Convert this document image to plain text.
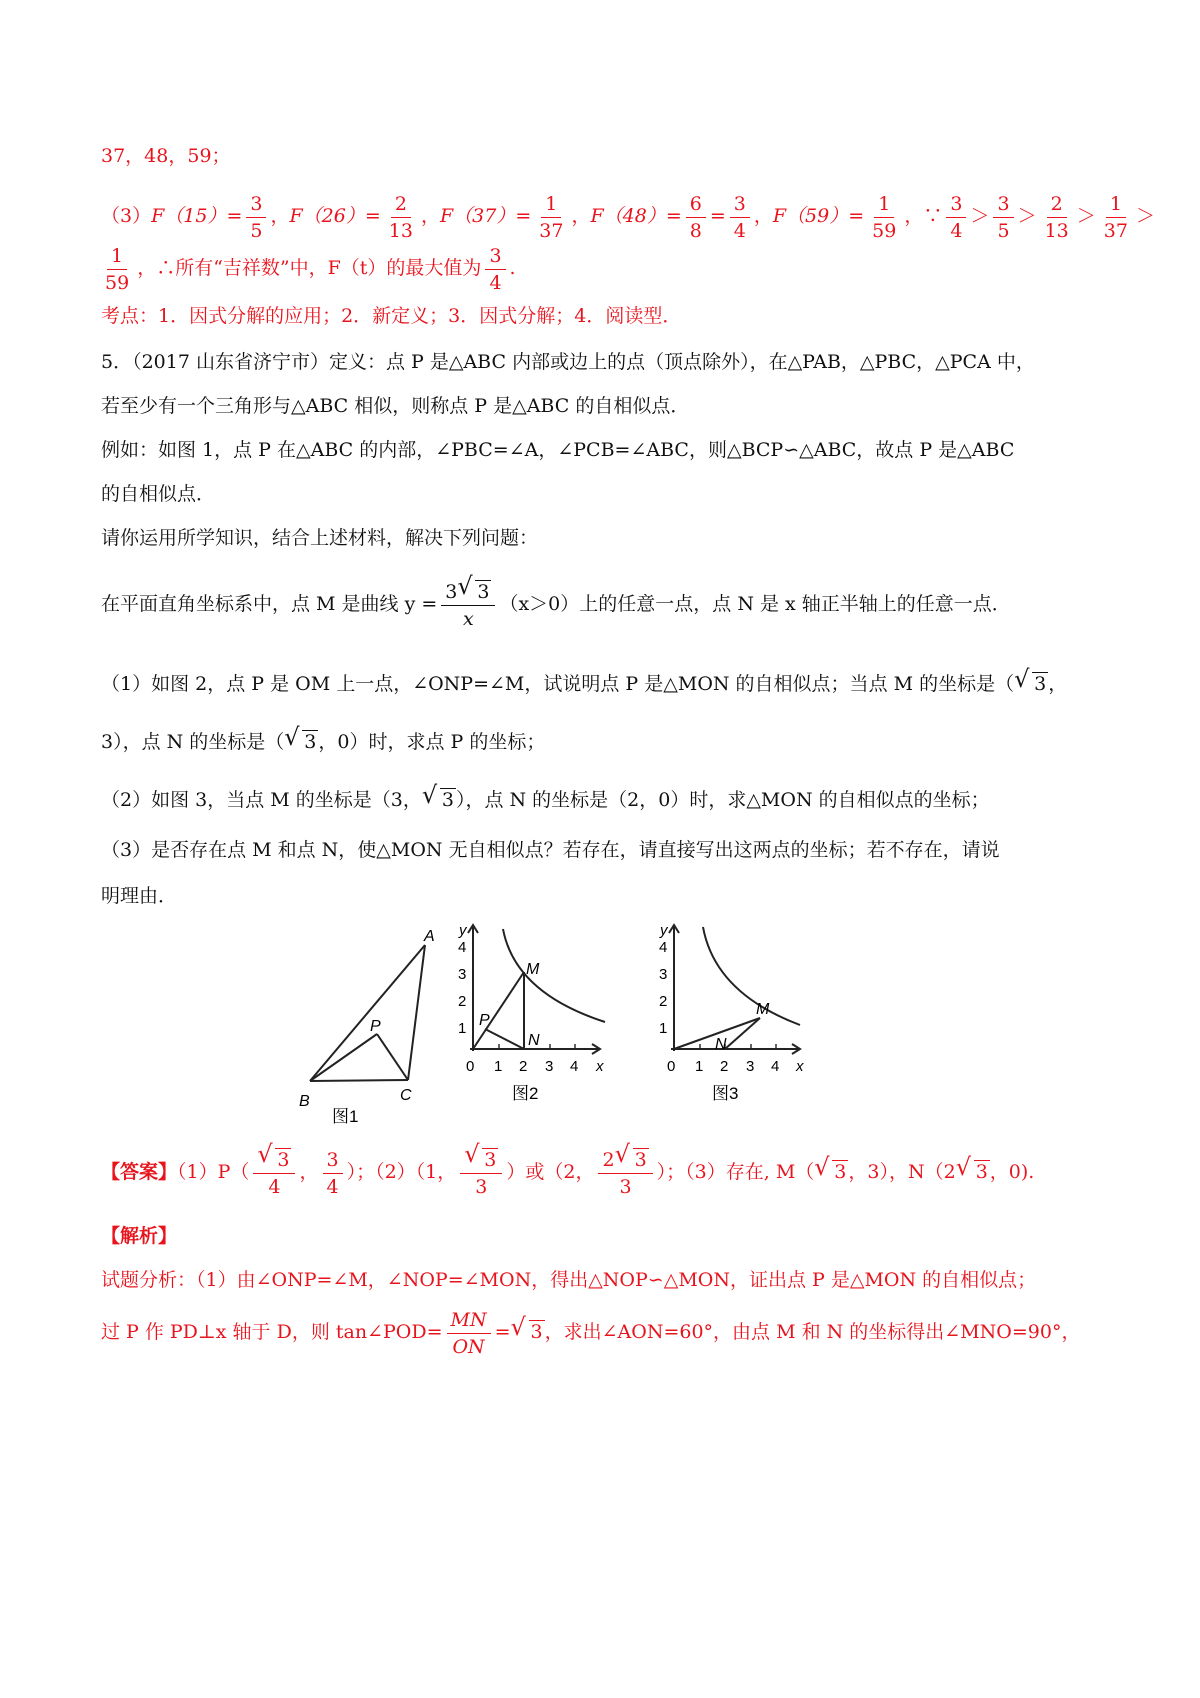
37，48，59；
$(3)F(15)= \frac{3}{5}$ ，$F(26)= \frac{2}{13}$ ，$F(37)= \frac{1}{37}$ ，$F(48)= \frac{6}{8} = \frac{3}{4}$ ，$F(59)= \frac{1}{59}$ ，∵ $\frac{3}{4} > \frac{3}{5} > \frac{2}{13} > \frac{1}{37}$ ＞
$\frac{1}{59}$ ，∴所有“吉祥数”中，F（t）的最大值为 $\frac{3}{4}$ .
考点：1．因式分解的应用；2．新定义；3．因式分解；4．阅读型．
5．（2017 山东省济宁市）定义：点 P 是△ABC 内部或边上的点（顶点除外），在△PAB，△PBC，△PCA 中，
若至少有一个三角形与△ABC 相似，则称点 P 是△ABC 的自相似点．
例如：如图 1，点 P 在△ABC 的内部，∠PBC=∠A，∠PCB=∠ABC，则△BCP∽△ABC，故点 P 是△ABC
的自相似点．
请你运用所学知识，结合上述材料，解决下列问题：
在平面直角坐标系中，点 M 是曲线 $y = \frac{3 √ 3}{x} (x>0)$上的任意一点，点 N 是 x 轴正半轴上的任意一点．
（1）如图 2，点 P 是 OM 上一点，∠ONP=∠M，试说明点 P 是△MON 的自相似点；当点 M 的坐标是（ √ 3 ，
3），点 N 的坐标是（ √ 3 ，0）时，求点 P 的坐标；
（2）如图 3，当点 M 的坐标是（3， √ 3 ），点 N 的坐标是（2，0）时，求△MON 的自相似点的坐标；
（3）是否存在点 M 和点 N，使△MON 无自相似点？若存在，请直接写出这两点的坐标；若不存在，请说
明理由．
A
B	C
P
图1
0 1 2 3 4 x
1
2
3
4
y
M
N
P
图2
0 1 2 3 4 x
1
2
3
4
y
M
N
图3
【答案】（1）P（ √ $\frac{3}{4}$ ， $\frac{3}{4}$ ）；（2）（1， √ $\frac{3}{3}$ ）或（2， $\frac{2 √ 3}{3}$ ）；（3）存在, M（ √ 3 ，3），N（2 √ 3 ，0).
【解析】
试题分析：（1）由∠ONP=∠M，∠NOP=∠MON，得出△NOP∽△MON，证出点 P 是△MON 的自相似点；
过 P 作 PD⊥x 轴于 D，则 tan∠POD= $\frac{MN}{ON}$ = √ 3 ，求出∠AON=60°，由点 M 和 N 的坐标得出∠MNO=90°，
